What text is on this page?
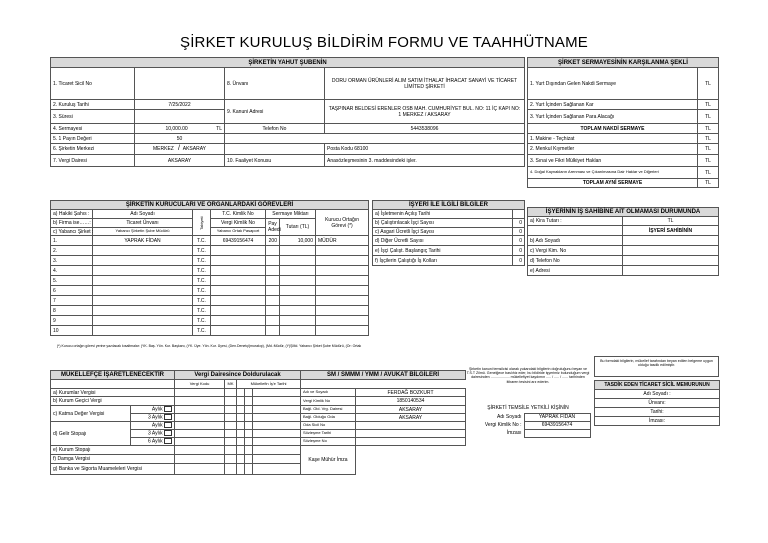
ŞİRKET KURULUŞ BİLDİRİM FORMU VE TAAHHÜTNAME
ŞİRKETİN YAHUT ŞUBENİN			
1. Ticaret Sicil No		8. Ünvanı	DORU ORMAN ÜRÜNLERİ ALIM SATIM İTHALAT İHRACAT SANAYİ VE TİCARET LİMİTED ŞİRKETİ
2. Kuruluş Tarihi	7/25/2022	9. Kanuni Adresi	TAŞPINAR BELDESİ ERENLER OSB MAH. CUMHURİYET BUL. NO: 11 İÇ KAPI NO: 1 MERKEZ / AKSARAY
3. Süresi			

4. Sermayesi	10,000.00 TL	Telefon No	5443538096
5. 1 Payın Değeri	50		
6. Şirketin Merkezi	MERKEZ / AKSARAY		Posta Kodu 68100
7. Vergi Dairesi	AKSARAY	10. Faaliyet Konusu	Anasözleşmesinin 3. maddesindeki işler.
ŞİRKET SERMAYESİNİN KARŞILANMA ŞEKLİ	
1. Yurt Dışından Gelen Nakdi Sermaye	TL
2. Yurt İçinden Sağlanan Kar	TL
3. Yurt İçinden Sağlanan Para Alacağı	TL
TOPLAM NAKDİ SERMAYE	TL
1. Makine - Teçhizat	TL
2. Menkul Kıymetler	TL
3. Sınai ve Fikri Mülkiyet Hakları	TL
4. Doğal Kaynakların Arenması ve Çıkarılmasına Dair Haklar ve Diğerleri	TL
TOPLAM AYNİ SERMAYE	TL
ŞİRKETİN KURUCULARI VE ORGANLARDAKİ GÖREVLERİ						
a) Hakiki Şahıs :	Adı Soyadı	Tabiyeti	T.C. Kimlik No	Sermaye Miktarı		Kurucu Ortağın Görevi (*)
b) Firma ise……:	Ticaret Ünvanı		Vergi Kimlik No	Pay Adedi	Tutarı (TL)	
c) Yabancı Şirket :	Yabancı Şirketin Şube Müdürü		Yabancı Ortak Pasaport			
1.	YAPRAK FİDAN	T.C.	69439156474	200	10,000	MÜDÜR
2.		T.C.				
3.		T.C.				
4.		T.C.				
5.		T.C.				
6		T.C.				
7		T.C.				
8		T.C.				
9		T.C.				
10		T.C.				
(*) Kurucu ortağın görevi yerine yazılacak kısaltmalar: (YK. Baş. Yön. Kur. Başkanı, (YK. Üye. Yön. Kur. Üyesi, (Den.Denetçi(murakıp), (Md.:Müdür, (Y)ŞMd. Yabancı Şirket Şube Müdürü, (Or: Ortak
İŞYERİ İLE İLGİLİ BİLGİLER	
a) İşletmenin Açılış Tarihi	
b) Çalıştırılacak İşçi Sayısı	0
c) Asgari Ücretli İşçi Sayısı	0
d) Diğer Ücretli Sayısı	0
e) İşçi Çalışt. Başlangıç Tarihi	0
f) İşçilerin Çalıştığı İş Kolları	0
İŞYERİNİN İŞ SAHİBİNE AİT OLMAMASI DURUMUNDA	
a) Kira Tutarı :	TL
	İŞYERİ SAHİBİNİN
b) Adı Soyadı	
c) Vergi Kim. No	
d) Telefon No	
e) Adresi	
MÜKELLEFÇE İŞARETLENECEKTİR		Vergi Dairesince Doldurulacak				
		Vergi Kodu	MK	Mükellefin İş'e Tarihi		
a) Kurumlar Vergisi						
b) Kurum Geçici Vergi						
c) Katma Değer Vergisi	Aylık					
	3 Aylık					
d) Gelir Stopajı	Aylık					
	3 Aylık					
	6 Aylık					
e) Kurum Stopajı						
f) Damga Vergisi						
g) Banka ve Sigorta Muameleleri Vergisi						
SM / SMMM / YMM / AVUKAT BİLGİLERİ	

Adı ve Soyadı	FERDAĞ BOZKURT
Vergi Kimlik No	1850140534
Bağl. Old. Vrg. Dairesi	AKSARAY
Bağl. Olduğu Oda	AKSARAY
Oda Sicil No	
Sözleşme Tarihi	
Sözleşme No	
Kaşe Mühür İmza	
Şirketin kanuni temsilcisi olarak yukarıdaki bilgilerin doğruluğunu beyan ve T.S.T Zilmü. Genelğece baslıhiz eder, bu bildiride işyerimiz bulunduğum vergi dairesinden ................... mükellefiyet kaydımın ..... / ..... / ...... tarihinden itibaren tesisini arz ederim.
ŞİRKETİ TEMSİLE YETKİLİ KİŞİNİN	
Adı Soyadı	YAPRAK FİDAN
Vergi Kimlik No :	69439156474
İmzası	
Bu formdaki bilgilerin, mükellef tarafından beyan edilen belgeme uygun olduğu tasdik edilmiştir.
TASDİK EDEN TİCARET SİCİL MEMURUNUN
Adı Soyadı :
Ünvanı:
Tarihi:
İmzası:
